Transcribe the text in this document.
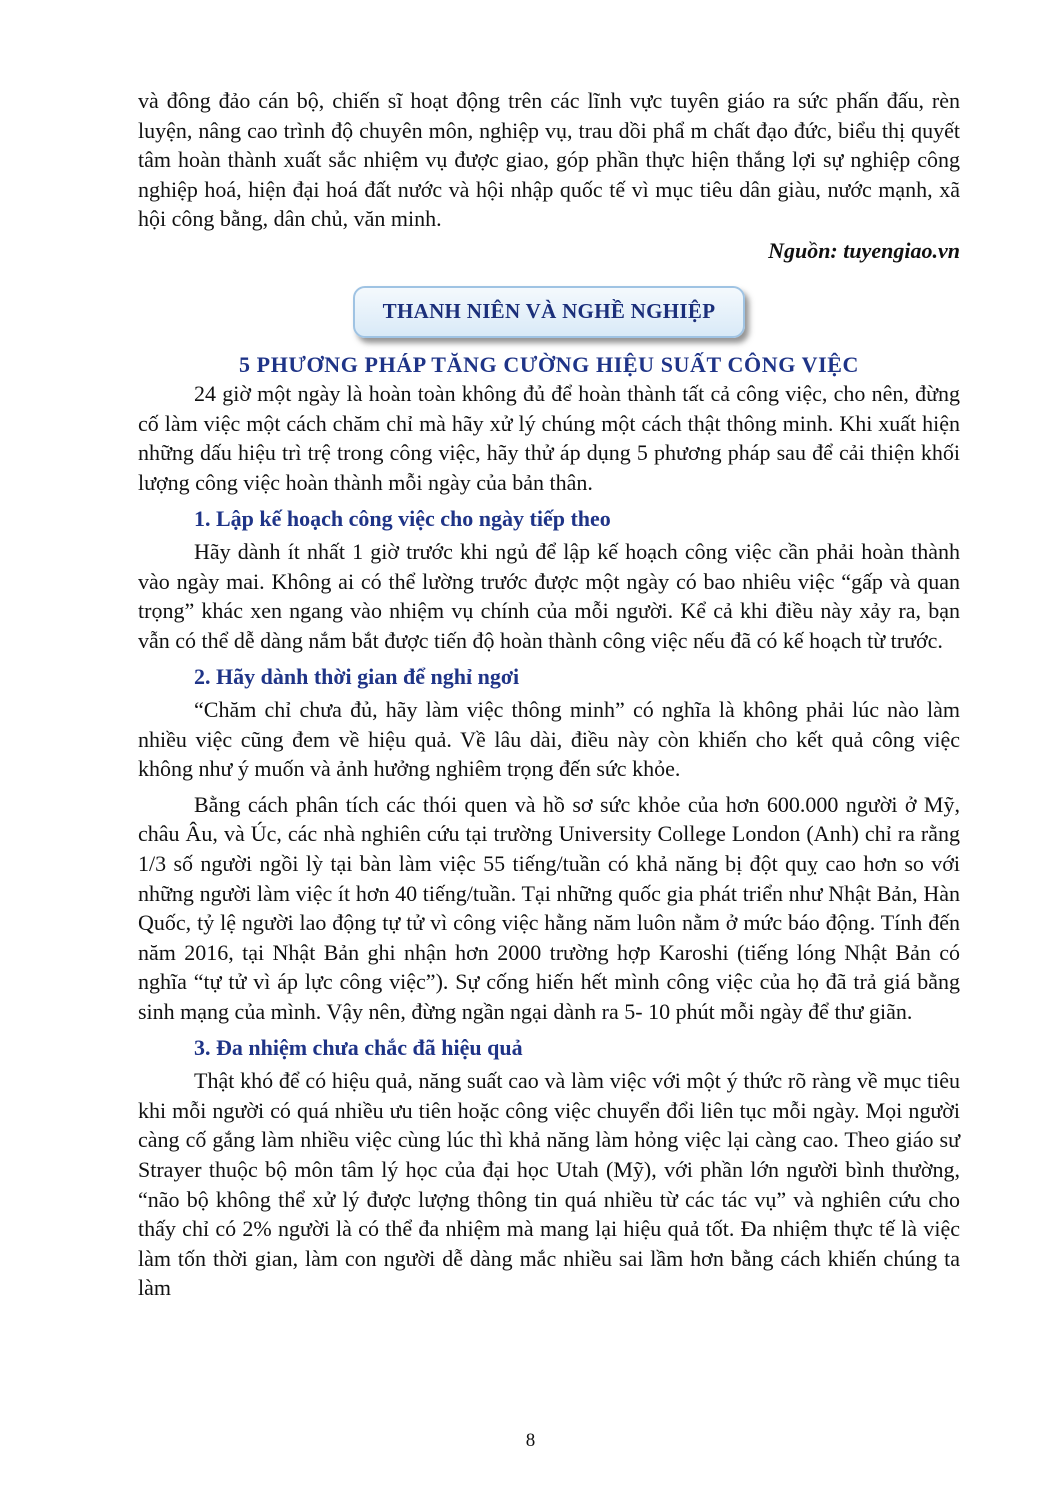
và đông đảo cán bộ, chiến sĩ hoạt động trên các lĩnh vực tuyên giáo ra sức phấn đấu, rèn luyện, nâng cao trình độ chuyên môn, nghiệp vụ, trau dồi phẩ m chất đạo đức, biểu thị quyết tâm hoàn thành xuất sắc nhiệm vụ được giao, góp phần thực hiện thắng lợi sự nghiệp công nghiệp hoá, hiện đại hoá đất nước và hội nhập quốc tế vì mục tiêu dân giàu, nước mạnh, xã hội công bằng, dân chủ, văn minh.

Nguồn: tuyengiao.vn

THANH NIÊN VÀ NGHỀ NGHIỆP

5 PHƯƠNG PHÁP TĂNG CƯỜNG HIỆU SUẤT CÔNG VIỆC

24 giờ một ngày là hoàn toàn không đủ để hoàn thành tất cả công việc, cho nên, đừng cố làm việc một cách chăm chỉ mà hãy xử lý chúng một cách thật thông minh. Khi xuất hiện những dấu hiệu trì trệ trong công việc, hãy thử áp dụng 5 phương pháp sau để cải thiện khối lượng công việc hoàn thành mỗi ngày của bản thân.

1. Lập kế hoạch công việc cho ngày tiếp theo

Hãy dành ít nhất 1 giờ trước khi ngủ để lập kế hoạch công việc cần phải hoàn thành vào ngày mai. Không ai có thể lường trước được một ngày có bao nhiêu việc “gấp và quan trọng” khác xen ngang vào nhiệm vụ chính của mỗi người. Kể cả khi điều này xảy ra, bạn vẫn có thể dễ dàng nắm bắt được tiến độ hoàn thành công việc nếu đã có kế hoạch từ trước.

2. Hãy dành thời gian để nghỉ ngơi

“Chăm chỉ chưa đủ, hãy làm việc thông minh” có nghĩa là không phải lúc nào làm nhiều việc cũng đem về hiệu quả. Về lâu dài, điều này còn khiến cho kết quả công việc không như ý muốn và ảnh hưởng nghiêm trọng đến sức khỏe.

Bằng cách phân tích các thói quen và hồ sơ sức khỏe của hơn 600.000 người ở Mỹ, châu Âu, và Úc, các nhà nghiên cứu tại trường University College London (Anh) chỉ ra rằng 1/3 số người ngồi lỳ tại bàn làm việc 55 tiếng/tuần có khả năng bị đột quỵ cao hơn so với những người làm việc ít hơn 40 tiếng/tuần. Tại những quốc gia phát triển như Nhật Bản, Hàn Quốc, tỷ lệ người lao động tự tử vì công việc hằng năm luôn nằm ở mức báo động. Tính đến năm 2016, tại Nhật Bản ghi nhận hơn 2000 trường hợp Karoshi (tiếng lóng Nhật Bản có nghĩa “tự tử vì áp lực công việc”). Sự cống hiến hết mình công việc của họ đã trả giá bằng sinh mạng của mình. Vậy nên, đừng ngần ngại dành ra 5- 10 phút mỗi ngày để thư giãn.

3. Đa nhiệm chưa chắc đã hiệu quả

Thật khó để có hiệu quả, năng suất cao và làm việc với một ý thức rõ ràng về mục tiêu khi mỗi người có quá nhiều ưu tiên hoặc công việc chuyển đổi liên tục mỗi ngày. Mọi người càng cố gắng làm nhiều việc cùng lúc thì khả năng làm hỏng việc lại càng cao. Theo giáo sư Strayer thuộc bộ môn tâm lý học của đại học Utah (Mỹ), với phần lớn người bình thường, “não bộ không thể xử lý được lượng thông tin quá nhiều từ các tác vụ” và nghiên cứu cho thấy chỉ có 2% người là có thể đa nhiệm mà mang lại hiệu quả tốt. Đa nhiệm thực tế là việc làm tốn thời gian, làm con người dễ dàng mắc nhiều sai lầm hơn bằng cách khiến chúng ta làm

8
